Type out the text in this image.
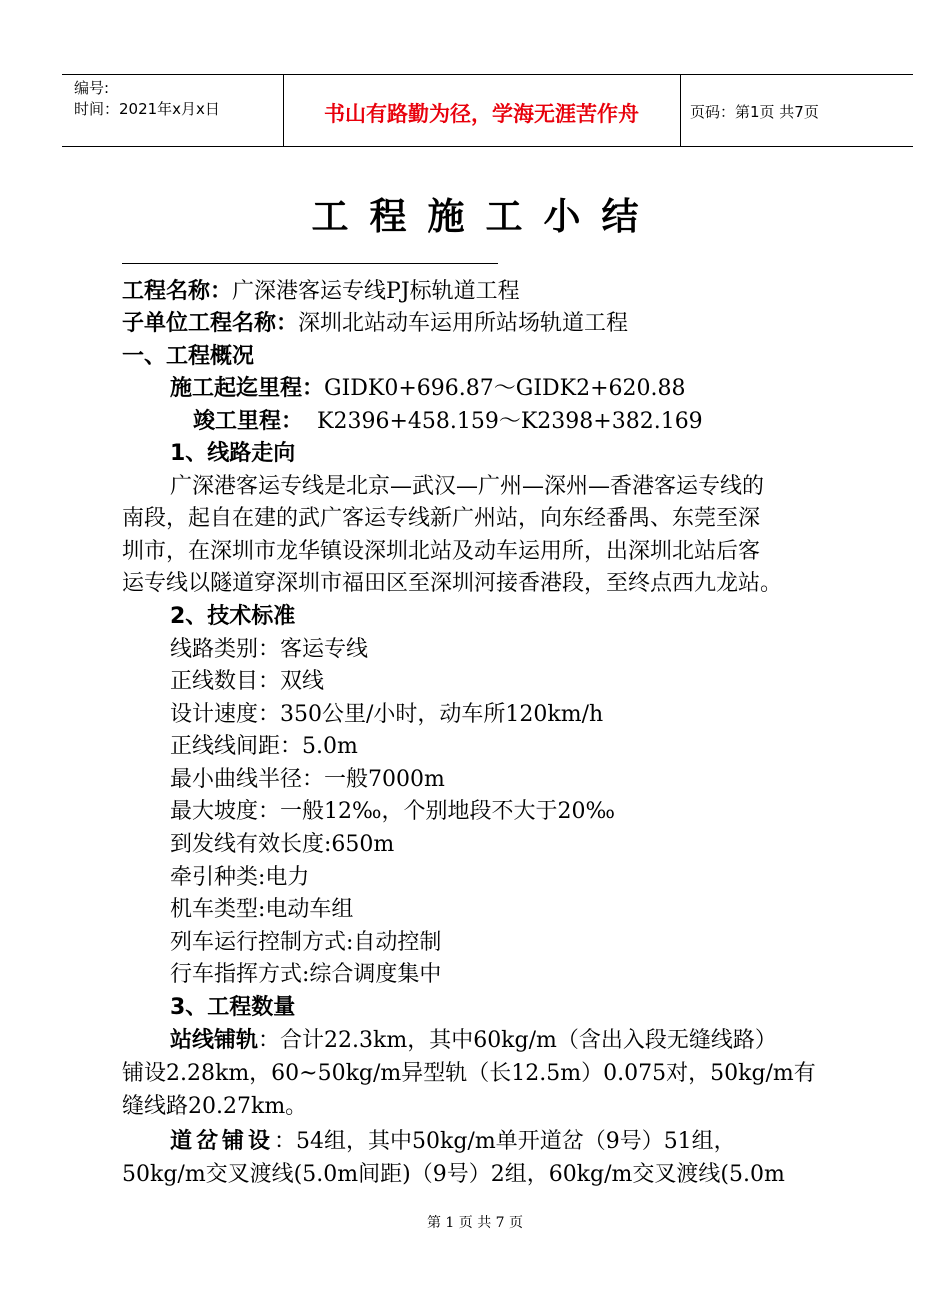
编号:
时间：2021年x月x日	书山有路勤为径，学海无涯苦作舟	页码：第1页 共7页
工程施工小结
工程名称：广深港客运专线PJ标轨道工程
子单位工程名称：深圳北站动车运用所站场轨道工程
一、工程概况
施工起迄里程：GIDK0+696.87～GIDK2+620.88
竣工里程： K2396+458.159～K2398+382.169
1、线路走向
广深港客运专线是北京—武汉—广州—深州—香港客运专线的
南段，起自在建的武广客运专线新广州站，向东经番禺、东莞至深
圳市，在深圳市龙华镇设深圳北站及动车运用所，出深圳北站后客
运专线以隧道穿深圳市福田区至深圳河接香港段，至终点西九龙站。
2、技术标准
线路类别：客运专线
正线数目：双线
设计速度：350公里/小时，动车所120km/h
正线线间距：5.0m
最小曲线半径：一般7000m
最大坡度：一般12‰，个别地段不大于20‰
到发线有效长度:650m
牵引种类:电力
机车类型:电动车组
列车运行控制方式:自动控制
行车指挥方式:综合调度集中
3、工程数量
站线铺轨：合计22.3km，其中60kg/m（含出入段无缝线路）
铺设2.28km，60~50kg/m异型轨（长12.5m）0.075对，50kg/m有
缝线路20.27km。
道岔铺设：54组，其中50kg/m单开道岔（9号）51组，
50kg/m交叉渡线(5.0m间距)（9号）2组，60kg/m交叉渡线(5.0m
第 1 页 共 7 页
